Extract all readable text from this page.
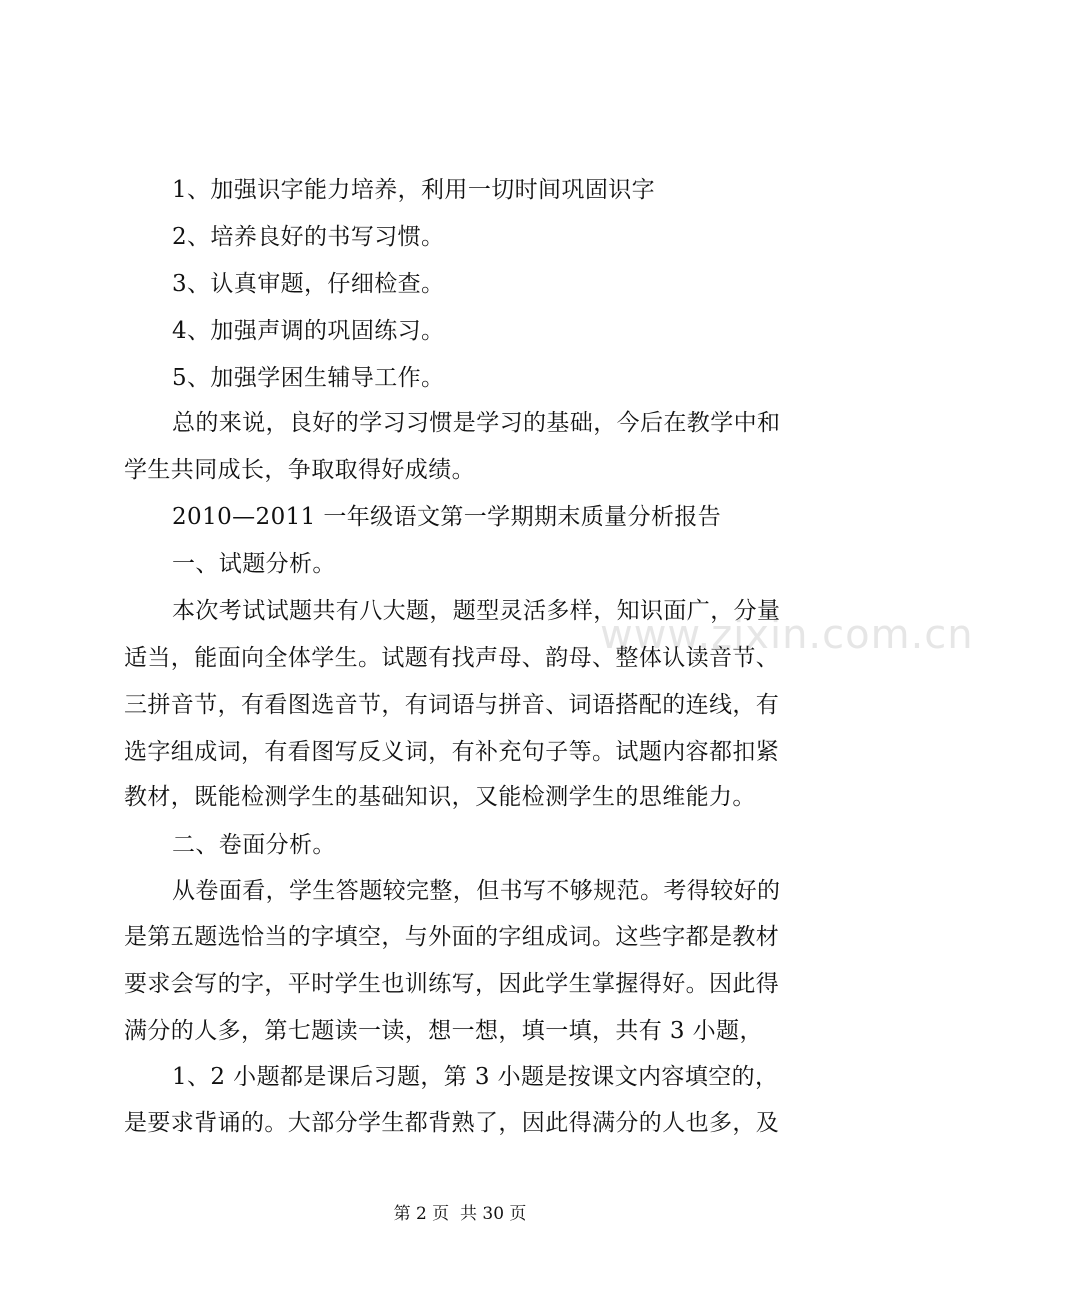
www.zixin.com.cn
1、加强识字能力培养，利用一切时间巩固识字
2、培养良好的书写习惯。
3、认真审题，仔细检查。
4、加强声调的巩固练习。
5、加强学困生辅导工作。
总的来说，良好的学习习惯是学习的基础，今后在教学中和
学生共同成长，争取取得好成绩。
2010—2011 一年级语文第一学期期末质量分析报告
一、试题分析。
本次考试试题共有八大题，题型灵活多样，知识面广，分量
适当，能面向全体学生。试题有找声母、韵母、整体认读音节、
三拼音节，有看图选音节，有词语与拼音、词语搭配的连线，有
选字组成词，有看图写反义词，有补充句子等。试题内容都扣紧
教材，既能检测学生的基础知识，又能检测学生的思维能力。
二、卷面分析。
从卷面看，学生答题较完整，但书写不够规范。考得较好的
是第五题选恰当的字填空，与外面的字组成词。这些字都是教材
要求会写的字，平时学生也训练写，因此学生掌握得好。因此得
满分的人多，第七题读一读，想一想，填一填，共有 3 小题，
1、2 小题都是课后习题，第 3 小题是按课文内容填空的，
是要求背诵的。大部分学生都背熟了，因此得满分的人也多，及
第 2 页  共 30 页
